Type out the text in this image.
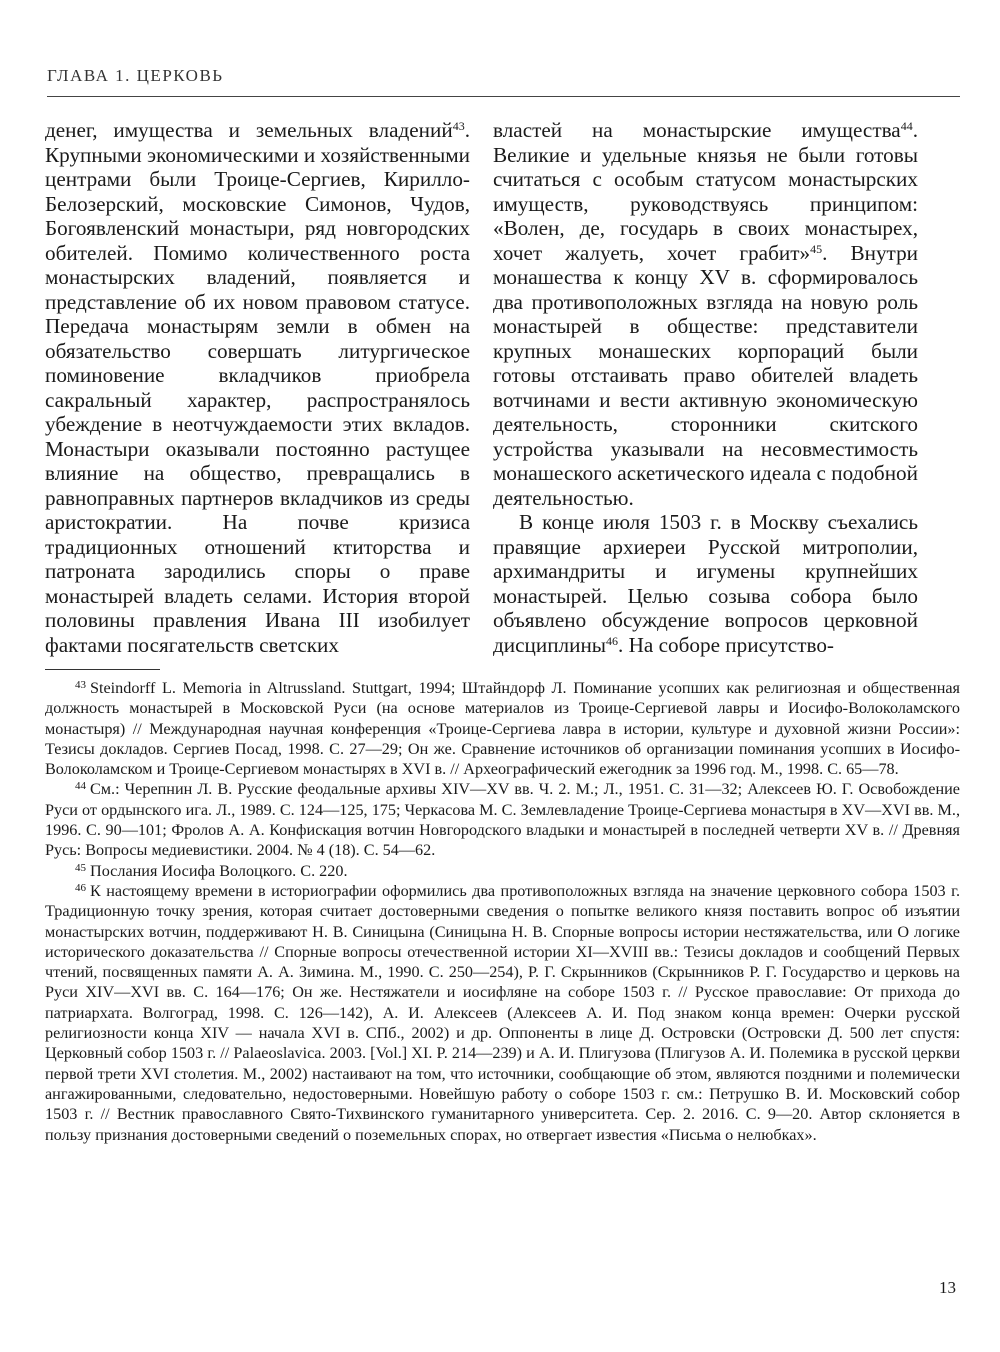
ГЛАВА 1. ЦЕРКОВЬ

денег, имущества и земельных владений$^{43}$. Крупными экономическими и хозяйственными центрами были Троице-Сергиев, Кирилло-Белозерский, московские Симонов, Чудов, Богоявленский монастыри, ряд новгородских обителей. Помимо количественного роста монастырских владений, появляется и представление об их новом правовом статусе. Передача монастырям земли в обмен на обязательство совершать литургическое поминовение вкладчиков приобрела сакральный характер, распространялось убеждение в неотчуждаемости этих вкладов. Монастыри оказывали постоянно растущее влияние на общество, превращались в равноправных партнеров вкладчиков из среды аристократии. На почве кризиса традиционных отношений ктиторства и патроната зародились споры о праве монастырей владеть селами. История второй половины правления Ивана III изобилует фактами посягательств светских

властей на монастырские имущества$^{44}$. Великие и удельные князья не были готовы считаться с особым статусом монастырских имуществ, руководствуясь принципом: «Волен, де, государь в своих монастырех, хочет жалуеть, хочет грабит»$^{45}$. Внутри монашества к концу XV в. сформировалось два противоположных взгляда на новую роль монастырей в обществе: представители крупных монашеских корпораций были готовы отстаивать право обителей владеть вотчинами и вести активную экономическую деятельность, сторонники скитского устройства указывали на несовместимость монашеского аскетического идеала с подобной деятельностью.

В конце июля 1503 г. в Москву съехались правящие архиереи Русской митрополии, архимандриты и игумены крупнейших монастырей. Целью созыва собора было объявлено обсуждение вопросов церковной дисциплины$^{46}$. На соборе присутство-

$^{43}$ Steindorff L. Memoria in Altrussland. Stuttgart, 1994; Штайндорф Л. Поминание усопших как религиозная и общественная должность монастырей в Московской Руси (на основе материалов из Троице-Сергиевой лавры и Иосифо-Волоколамского монастыря) // Международная научная конференция «Троице-Сергиева лавра в истории, культуре и духовной жизни России»: Тезисы докладов. Сергиев Посад, 1998. С. 27—29; Он же. Сравнение источников об организации поминания усопших в Иосифо-Волоколамском и Троице-Сергиевом монастырях в XVI в. // Археографический ежегодник за 1996 год. М., 1998. С. 65—78.

$^{44}$ См.: Черепнин Л. В. Русские феодальные архивы XIV—XV вв. Ч. 2. М.; Л., 1951. С. 31—32; Алексеев Ю. Г. Освобождение Руси от ордынского ига. Л., 1989. С. 124—125, 175; Черкасова М. С. Землевладение Троице-Сергиева монастыря в XV—XVI вв. М., 1996. С. 90—101; Фролов А. А. Конфискация вотчин Новгородского владыки и монастырей в последней четверти XV в. // Древняя Русь: Вопросы медиевистики. 2004. № 4 (18). С. 54—62.

$^{45}$ Послания Иосифа Волоцкого. С. 220.

$^{46}$ К настоящему времени в историографии оформились два противоположных взгляда на значение церковного собора 1503 г. Традиционную точку зрения, которая считает достоверными сведения о попытке великого князя поставить вопрос об изъятии монастырских вотчин, поддерживают Н. В. Синицына (Синицына Н. В. Спорные вопросы истории нестяжательства, или О логике исторического доказательства // Спорные вопросы отечественной истории XI—XVIII вв.: Тезисы докладов и сообщений Первых чтений, посвященных памяти А. А. Зимина. М., 1990. С. 250—254), Р. Г. Скрынников (Скрынников Р. Г. Государство и церковь на Руси XIV—XVI вв. С. 164—176; Он же. Нестяжатели и иосифляне на соборе 1503 г. // Русское православие: От прихода до патриархата. Волгоград, 1998. С. 126—142), А. И. Алексеев (Алексеев А. И. Под знаком конца времен: Очерки русской религиозности конца XIV — начала XVI в. СПб., 2002) и др. Оппоненты в лице Д. Островски (Островски Д. 500 лет спустя: Церковный собор 1503 г. // Palaeoslavica. 2003. [Vol.] XI. P. 214—239) и А. И. Плигузова (Плигузов А. И. Полемика в русской церкви первой трети XVI столетия. М., 2002) настаивают на том, что источники, сообщающие об этом, являются поздними и полемически ангажированными, следовательно, недостоверными. Новейшую работу о соборе 1503 г. см.: Петрушко В. И. Московский собор 1503 г. // Вестник православного Свято-Тихвинского гуманитарного университета. Сер. 2. 2016. С. 9—20. Автор склоняется в пользу признания достоверными сведений о поземельных спорах, но отвергает известия «Письма о нелюбках».

13
